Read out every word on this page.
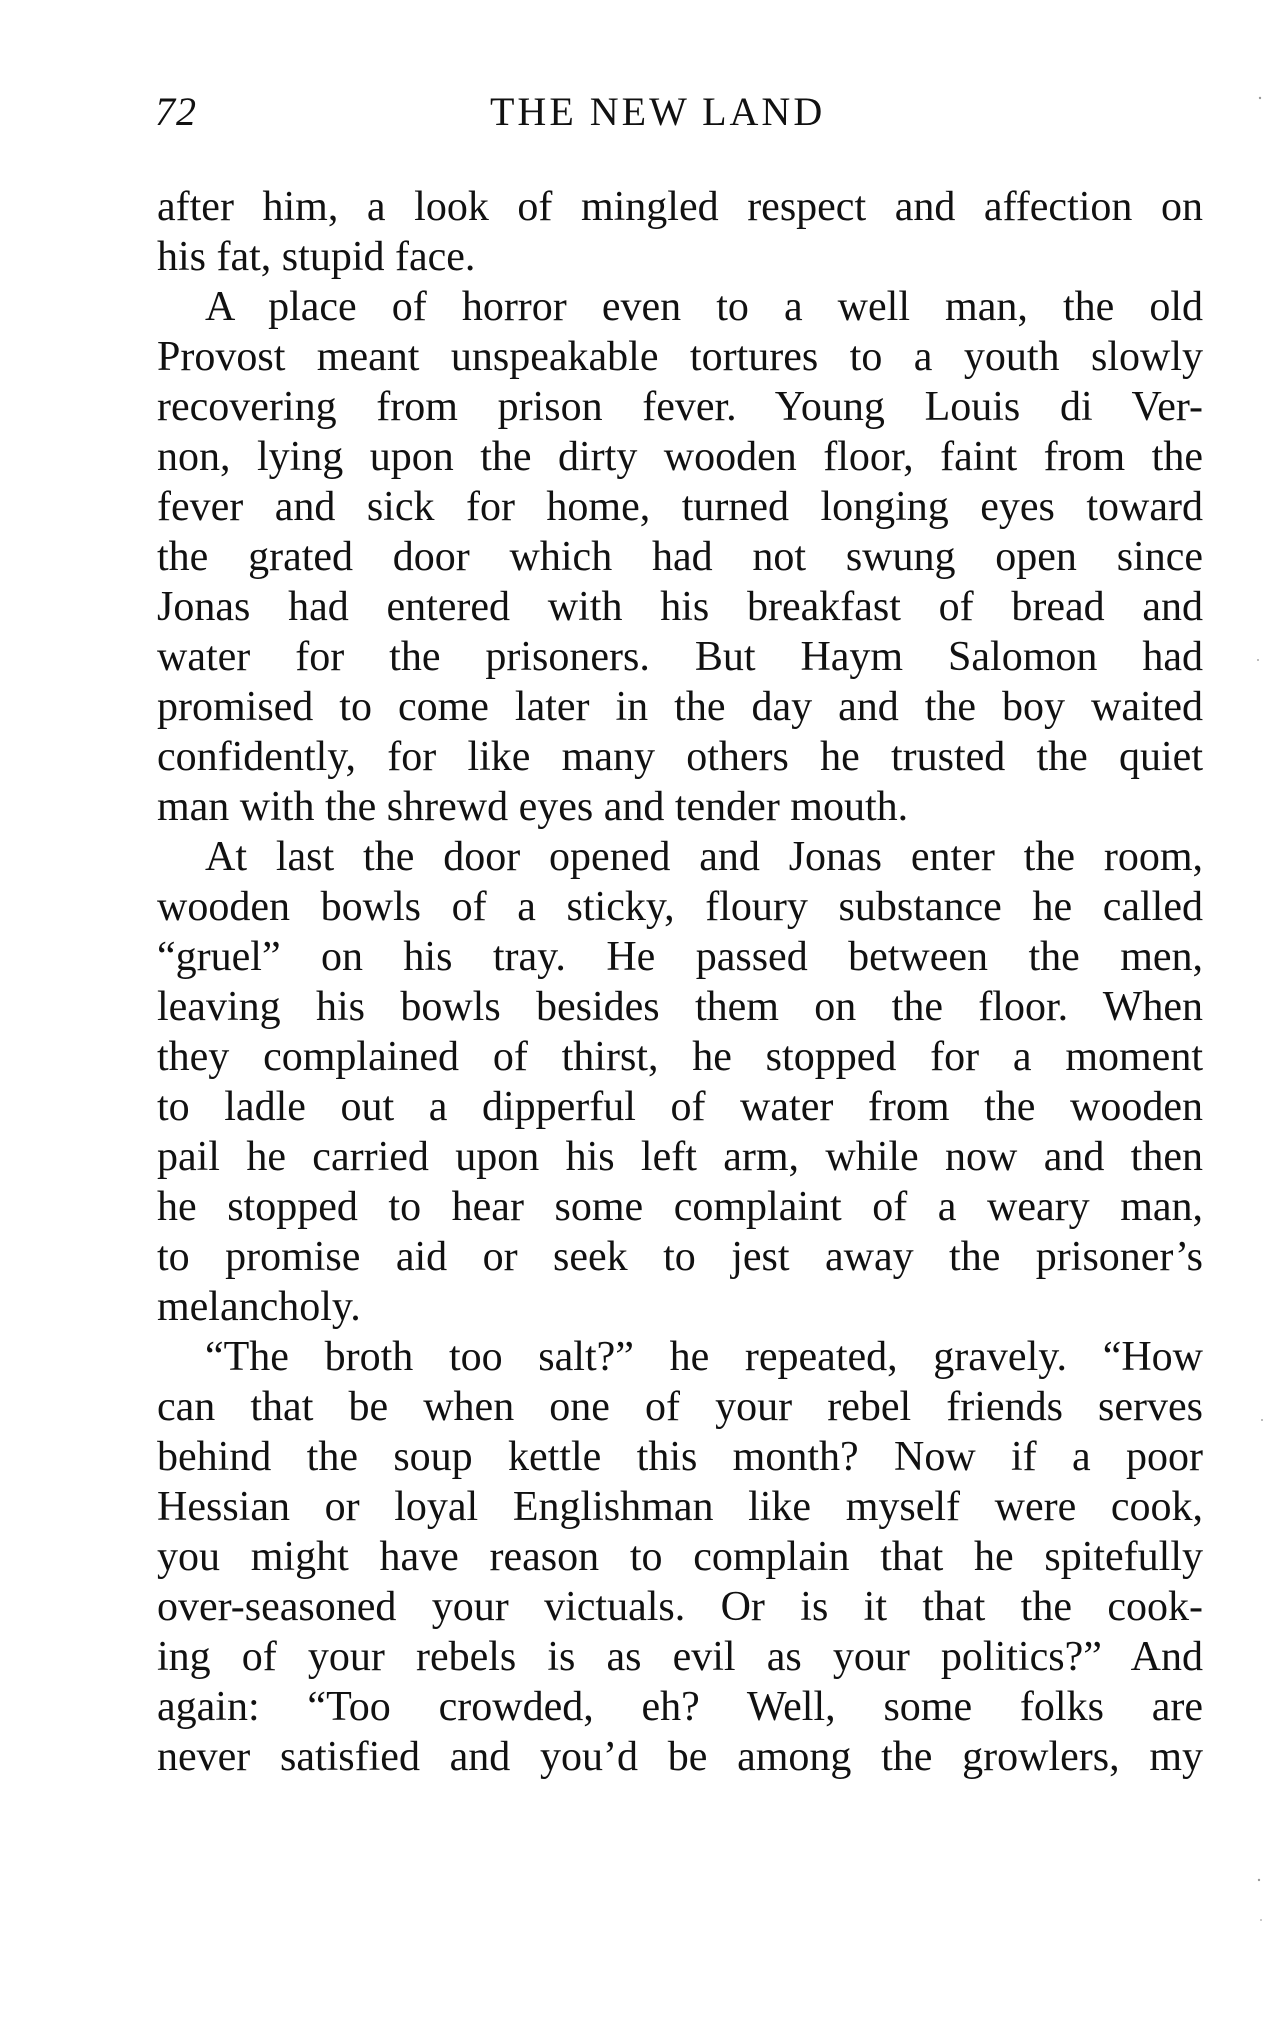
72	THE NEW LAND
after him, a look of mingled respect and affection on
his fat, stupid face.
A place of horror even to a well man, the old
Provost meant unspeakable tortures to a youth slowly
recovering from prison fever. Young Louis di Ver-
non, lying upon the dirty wooden floor, faint from the
fever and sick for home, turned longing eyes toward
the grated door which had not swung open since
Jonas had entered with his breakfast of bread and
water for the prisoners. But Haym Salomon had
promised to come later in the day and the boy waited
confidently, for like many others he trusted the quiet
man with the shrewd eyes and tender mouth.
At last the door opened and Jonas enter the room,
wooden bowls of a sticky, floury substance he called
“gruel” on his tray. He passed between the men,
leaving his bowls besides them on the floor. When
they complained of thirst, he stopped for a moment
to ladle out a dipperful of water from the wooden
pail he carried upon his left arm, while now and then
he stopped to hear some complaint of a weary man,
to promise aid or seek to jest away the prisoner’s
melancholy.
“The broth too salt?” he repeated, gravely. “How
can that be when one of your rebel friends serves
behind the soup kettle this month? Now if a poor
Hessian or loyal Englishman like myself were cook,
you might have reason to complain that he spitefully
over-seasoned your victuals. Or is it that the cook-
ing of your rebels is as evil as your politics?” And
again: “Too crowded, eh? Well, some folks are
never satisfied and you’d be among the growlers, my
